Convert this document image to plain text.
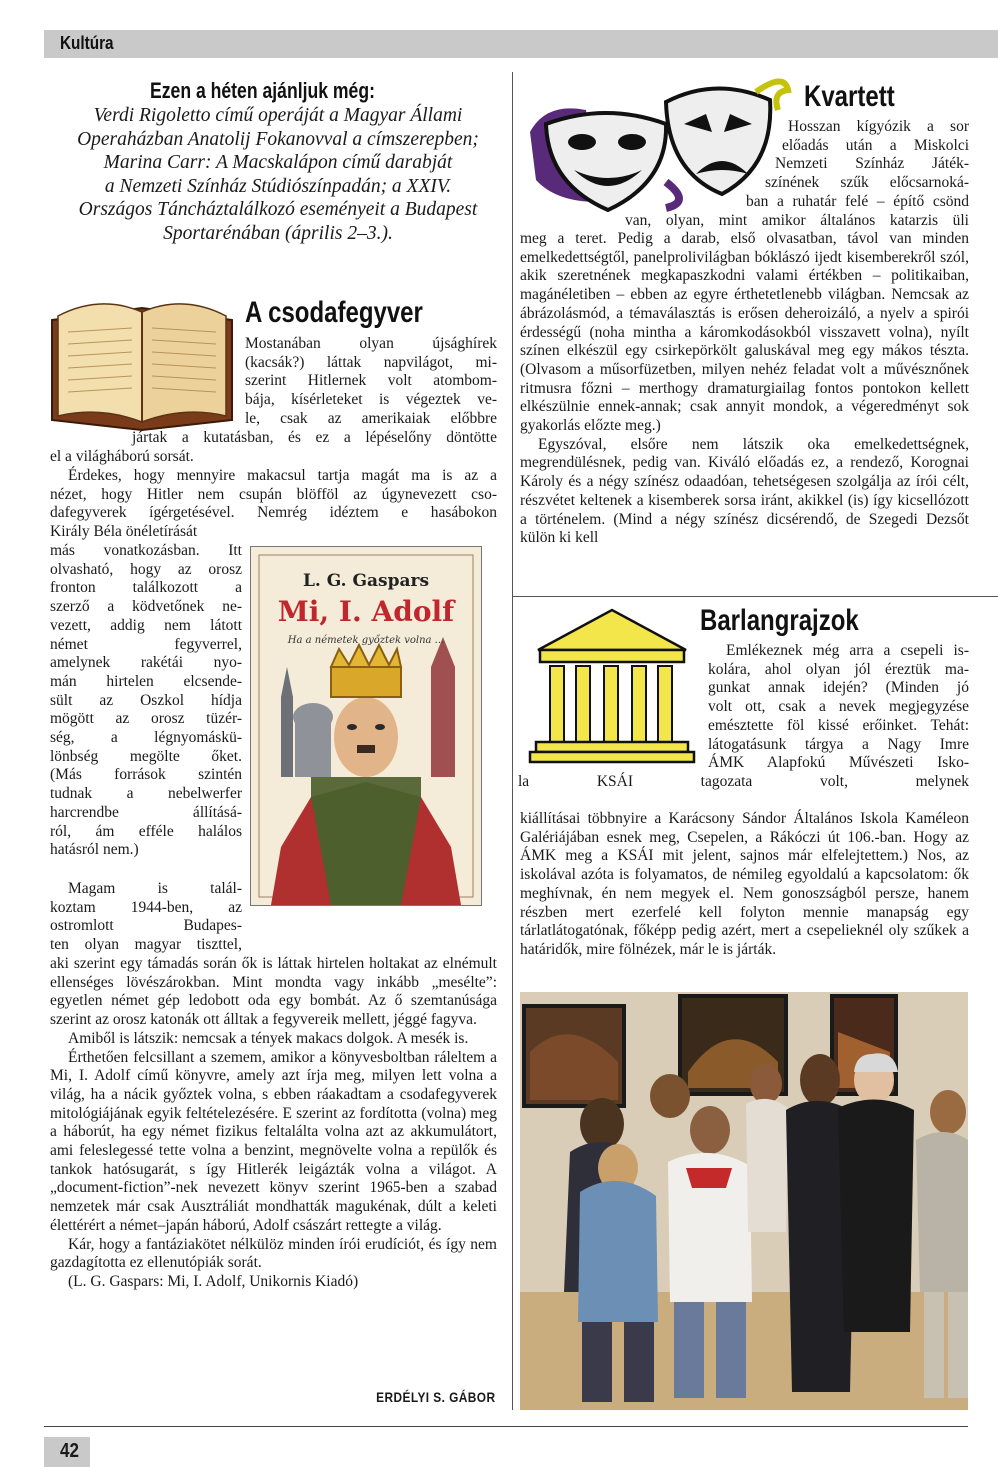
Kultúra
42
Ezen a héten ajánljuk még:
Verdi Rigoletto című operáját a Magyar Állami
Operaházban Anatolij Fokanovval a címszerepben;
Marina Carr: A Macskalápon című darabját
a Nemzeti Színház Stúdiószínpadán; a XXIV.
Országos Táncháztalálkozó eseményeit a Budapest
Sportarénában (április 2–3.).
A csodafegyver
Mostanában olyan újsághírek
(kacsák?) láttak napvilágot, mi-
szerint Hitlernek volt atombom-
bája, kísérleteket is végeztek ve-
le, csak az amerikaiak előbbre
jártak a kutatásban, és ez a lépéselőny döntötte
el a világháború sorsát.
Érdekes, hogy mennyire makacsul tartja magát ma is az a
nézet, hogy Hitler nem csupán blöfföl az úgynevezett cso-
dafegyverek ígérgetésével. Nemrég idéztem e hasábokon
Király Béla önéletírását
más vonatkozásban. Itt
olvasható, hogy az orosz
fronton találkozott a
szerző a ködvetőnek ne-
vezett, addig nem látott
német fegyverrel,
amelynek rakétái nyo-
mán hirtelen elcsende-
sült az Oszkol hídja
mögött az orosz tüzér-
ség, a légnyomáskü-
lönbség megölte őket.
(Más források szintén
tudnak a nebelwerfer
harcrendbe állításá-
ról, ám efféle halálos
hatásról nem.)
Magam is talál-
koztam 1944-ben, az
ostromlott Budapes-
ten olyan magyar tiszttel,

aki szerint egy támadás során ők is láttak hirtelen holtakat az elnémult ellenséges lövészárokban. Mint mondta vagy inkább „mesélte”: egyetlen német gép ledobott oda egy bombát. Az ő szemtanúsága szerint az orosz katonák ott álltak a fegyvereik mellett, jéggé fagyva.

Amiből is látszik: nemcsak a tények makacs dolgok. A mesék is.

Érthetően felcsillant a szemem, amikor a könyvesboltban ráleltem a Mi, I. Adolf című könyvre, amely azt írja meg, milyen lett volna a világ, ha a nácik győztek volna, s ebben ráakadtam a csodafegyverek mitológiájának egyik feltételezésére. E szerint az fordította (volna) meg a háborút, ha egy német fizikus feltalálta volna azt az akkumulátort, ami feleslegessé tette volna a benzint, megnövelte volna a repülők és tankok hatósugarát, s így Hitlerék leigázták volna a világot. A „document-fiction”-nek nevezett könyv szerint 1965-ben a szabad nemzetek már csak Ausztráliát mondhatták magukénak, dúlt a keleti élettérért a német–japán háború, Adolf császárt rettegte a világ.

Kár, hogy a fantáziakötet nélkülöz minden írói erudíciót, és így nem gazdagította ez ellenutópiák sorát.

(L. G. Gaspars: Mi, I. Adolf, Unikornis Kiadó)

ERDÉLYI S. GÁBOR
L. G. Gaspars
Mi, I. Adolf
Ha a németek győztek volna ...
Kvartett
Hosszan kígyózik a sor
előadás után a Miskolci
Nemzeti Színház Játék-
színének szűk előcsarnoká-
ban a ruhatár felé – építő csönd
van, olyan, mint amikor általános katarzis üli

meg a teret. Pedig a darab, első olvasatban, távol van minden emelkedettségtől, panelprolivilágban bóklászó ijedt kisemberekről szól, akik szeretnének megkapaszkodni valami értékben – politikaiban, magánéletiben – ebben az egyre érthetetlenebb világban. Nemcsak az ábrázolásmód, a témaválasztás is erősen deheroizáló, a nyelv a spirói érdességű (noha mintha a káromkodásokból visszavett volna), nyílt színen elkészül egy csirkepörkölt galuskával meg egy mákos tészta. (Olvasom a műsorfüzetben, milyen nehéz feladat volt a művésznőnek ritmusra főzni – merthogy dramaturgiailag fontos pontokon kellett elkészülnie ennek-annak; csak annyit mondok, a végeredményt sok gyakorlás előzte meg.)

Egyszóval, elsőre nem látszik oka emelkedettségnek, megrendülésnek, pedig van. Kiváló előadás ez, a rendező, Korognai Károly és a négy színész odaadóan, tehetségesen szolgálja az írói célt, részvétet keltenek a kisemberek sorsa iránt, akikkel (is) így kicsellózott a történelem. (Mind a négy színész dicsérendő, de Szegedi Dezsőt külön ki kell

Barlangrajzok
Emlékeznek még arra a csepeli is-
kolára, ahol olyan jól éreztük ma-
gunkat annak idején? (Minden jó
volt ott, csak a nevek megjegyzése
emésztette föl kissé erőinket. Tehát:
látogatásunk tárgya a Nagy Imre
ÁMK Alapfokú Művészeti Isko-
la KSÁI tagozata volt, melynek

kiállításai többnyire a Karácsony Sándor Általános Iskola Kaméleon Galériájában esnek meg, Csepelen, a Rákóczi út 106.-ban. Hogy az ÁMK meg a KSÁI mit jelent, sajnos már elfelejtettem.) Nos, az iskolával azóta is folyamatos, de némileg egyoldalú a kapcsolatom: ők meghívnak, én nem megyek el. Nem gonoszságból persze, hanem részben mert ezerfelé kell folyton mennie manapság egy tárlatlátogatónak, főképp pedig azért, mert a csepelieknél oly szűkek a határidők, mire fölnézek, már le is járták.
